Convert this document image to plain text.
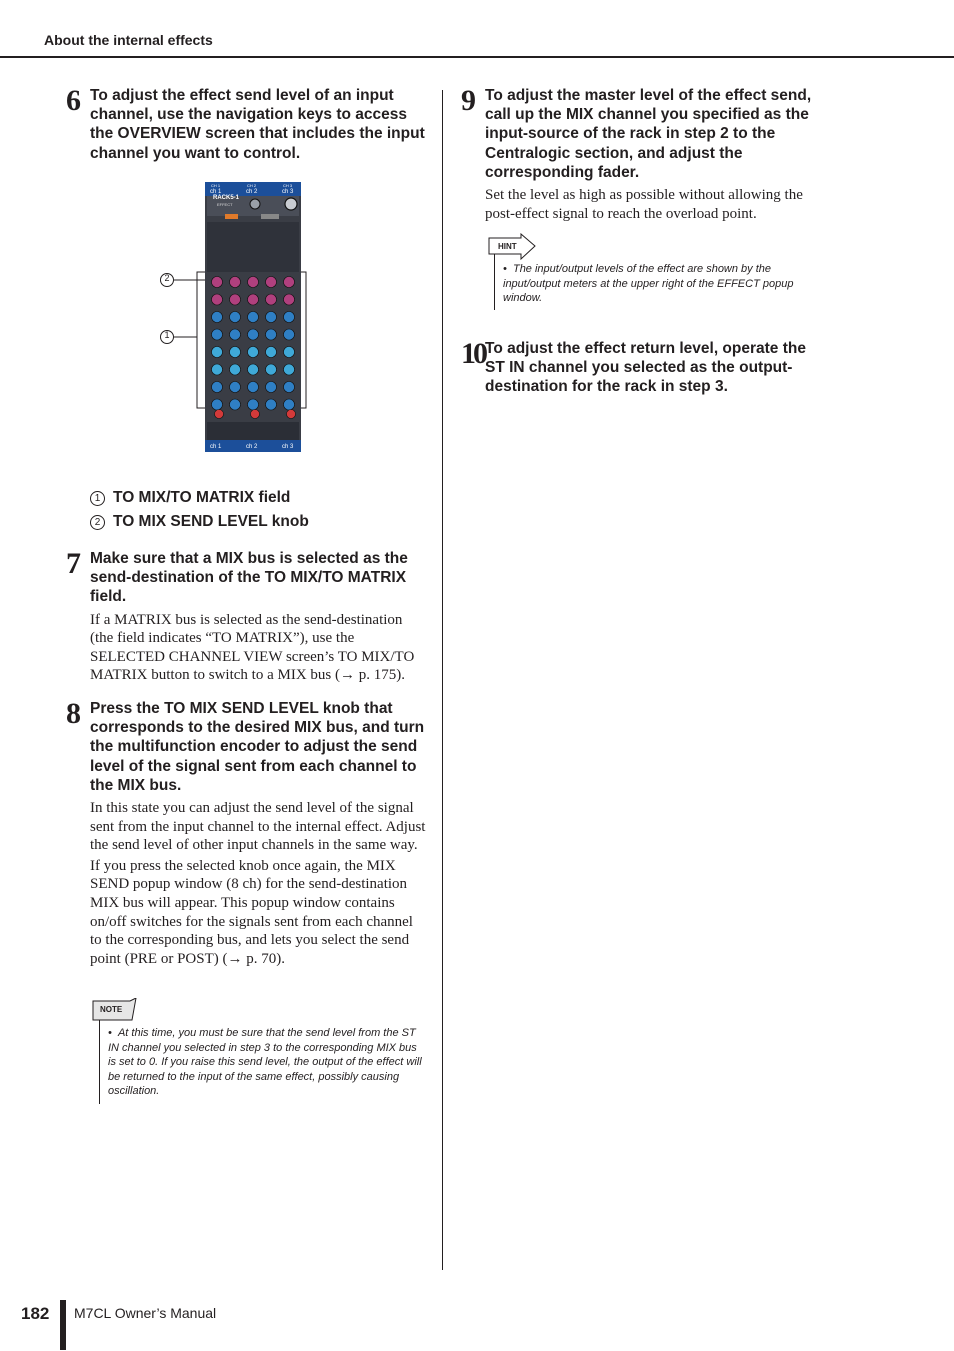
About the internal effects
6 To adjust the effect send level of an input channel, use the navigation keys to access the OVERVIEW screen that includes the input channel you want to control.
2
1
RACK5-1
EFFECT
CH 1	CH 2	CH 3
ch 1	ch 2	ch 3
ch 1	ch 2	ch 3
1 TO MIX/TO MATRIX field
2 TO MIX SEND LEVEL knob
7 Make sure that a MIX bus is selected as the send-destination of the TO MIX/TO MATRIX field.

If a MATRIX bus is selected as the send-destination (the field indicates “TO MATRIX”), use the SELECTED CHANNEL VIEW screen’s TO MIX/TO MATRIX button to switch to a MIX bus (→ p. 175).

8 Press the TO MIX SEND LEVEL knob that corresponds to the desired MIX bus, and turn the multifunction encoder to adjust the send level of the signal sent from each channel to the MIX bus.

In this state you can adjust the send level of the signal sent from the input channel to the internal effect. Adjust the send level of other input channels in the same way.

If you press the selected knob once again, the MIX SEND popup window (8 ch) for the send-destination MIX bus will appear. This popup window contains on/off switches for the signals sent from each channel to the corresponding bus, and lets you select the send point (PRE or POST) (→ p. 70).

•  At this time, you must be sure that the send level from the ST IN channel you selected in step 3 to the corresponding MIX bus is set to 0. If you raise this send level, the output of the effect will be returned to the input of the same effect, possibly causing oscillation.
NOTE
9 To adjust the master level of the effect send, call up the MIX channel you specified as the input-source of the rack in step 2 to the Centralogic section, and adjust the corresponding fader.

Set the level as high as possible without allowing the post-effect signal to reach the overload point.

•  The input/output levels of the effect are shown by the input/output meters at the upper right of the EFFECT popup window.
HINT
10 To adjust the effect return level, operate the ST IN channel you selected as the output-destination for the rack in step 3.
182 M7CL Owner’s Manual
